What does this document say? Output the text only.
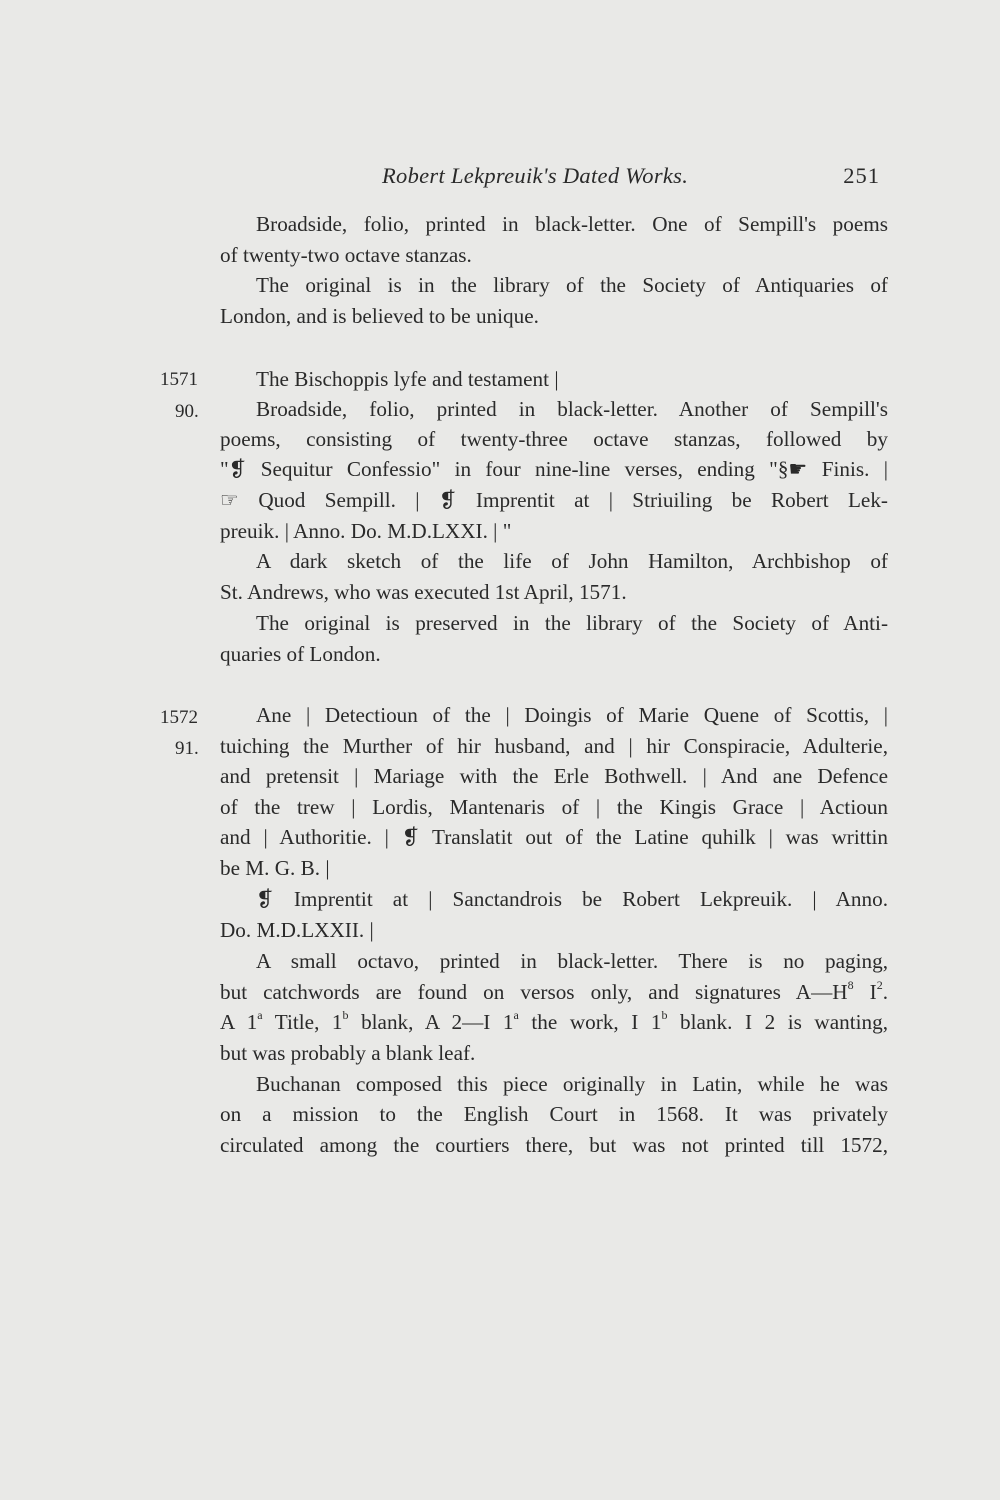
Robert Lekpreuik's Dated Works.	251
Broadside, folio, printed in black-letter. One of Sempill's poems
of twenty-two octave stanzas.
The original is in the library of the Society of Antiquaries of
London, and is believed to be unique.
1571	The Bischoppis lyfe and testament |
90.	Broadside, folio, printed in black-letter. Another of Sempill's
poems, consisting of twenty-three octave stanzas, followed by
"❡ Sequitur Confessio" in four nine-line verses, ending "§☛ Finis. |
☞ Quod Sempill. | ❡ Imprentit at | Striuiling be Robert Lek-
preuik. | Anno. Do. M.D.LXXI. | "
A dark sketch of the life of John Hamilton, Archbishop of
St. Andrews, who was executed 1st April, 1571.
The original is preserved in the library of the Society of Anti-
quaries of London.
1572	Ane | Detectioun of the | Doingis of Marie Quene of Scottis, |
91. tuiching the Murther of hir husband, and | hir Conspiracie, Adulterie,
and pretensit | Mariage with the Erle Bothwell. | And ane Defence
of the trew | Lordis, Mantenaris of | the Kingis Grace | Actioun
and | Authoritie. | ❡ Translatit out of the Latine quhilk | was writtin
be M. G. B. |
❡ Imprentit at | Sanctandrois be Robert Lekpreuik. | Anno.
Do. M.D.LXXII. |
A small octavo, printed in black-letter. There is no paging,
but catchwords are found on versos only, and signatures $A—H^8$ $I^2$.
A 1$^a$ Title, 1$^b$ blank, A 2—I 1$^a$ the work, I 1$^b$ blank. I 2 is wanting,
but was probably a blank leaf.
Buchanan composed this piece originally in Latin, while he was
on a mission to the English Court in 1568. It was privately
circulated among the courtiers there, but was not printed till 1572,
